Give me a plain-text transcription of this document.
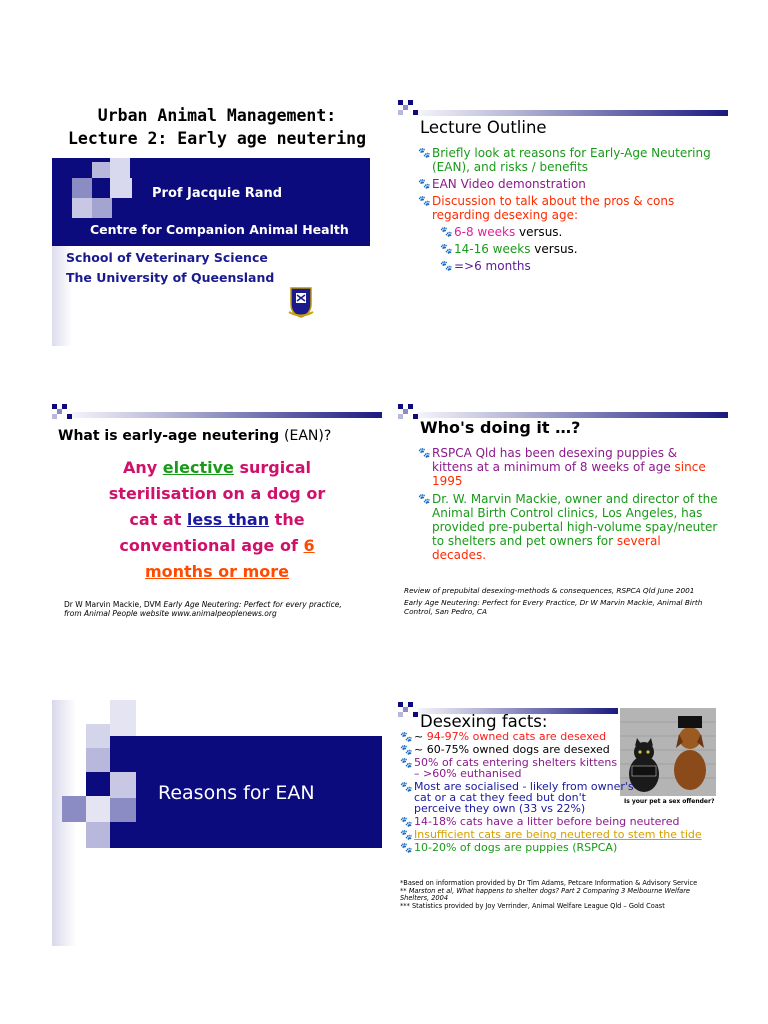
Urban Animal Management:
Lecture 2: Early age neutering
Prof Jacquie Rand
Centre for Companion Animal Health
School of Veterinary Science
The University of Queensland
Lecture Outline
🐾 Briefly look at reasons for Early-Age Neutering (EAN), and risks / benefits
🐾 EAN Video demonstration
🐾 Discussion to talk about the pros & cons regarding desexing age:
🐾 6-8 weeks versus.
🐾 14-16 weeks versus.
🐾 =>6 months
What is early-age neutering (EAN)?
Any elective surgical
sterilisation on a dog or
cat at less than the
conventional age of 6
months or more
Dr W Marvin Mackie, DVM Early Age Neutering: Perfect for every practice,
from Animal People website www.animalpeoplenews.org
Who's doing it …?
🐾 RSPCA Qld has been desexing puppies & kittens at a minimum of 8 weeks of age since 1995
🐾 Dr. W. Marvin Mackie, owner and director of the Animal Birth Control clinics, Los Angeles, has provided pre-pubertal high-volume spay/neuter to shelters and pet owners for several decades.
Review of prepubital desexing-methods & consequences, RSPCA Qld June 2001
Early Age Neutering: Perfect for Every Practice, Dr W Marvin Mackie, Animal Birth Control, San Pedro, CA
Reasons for EAN
Desexing facts:
Is your pet a sex offender?
🐾 ~ 94-97% owned cats are desexed
🐾 ~ 60-75% owned dogs are desexed
🐾 50% of cats entering shelters kittens – >60% euthanised
🐾 Most are socialised - likely from owner's cat or a cat they feed but don't perceive they own (33 vs 22%)
🐾 14-18% cats have a litter before being neutered
🐾 Insufficient cats are being neutered to stem the tide
🐾 10-20% of dogs are puppies (RSPCA)
*Based on information provided by Dr Tim Adams, Petcare Information & Advisory Service
** Marston et al, What happens to shelter dogs? Part 2 Comparing 3 Melbourne Welfare Shelters, 2004
*** Statistics provided by Joy Verrinder, Animal Welfare League Qld – Gold Coast
